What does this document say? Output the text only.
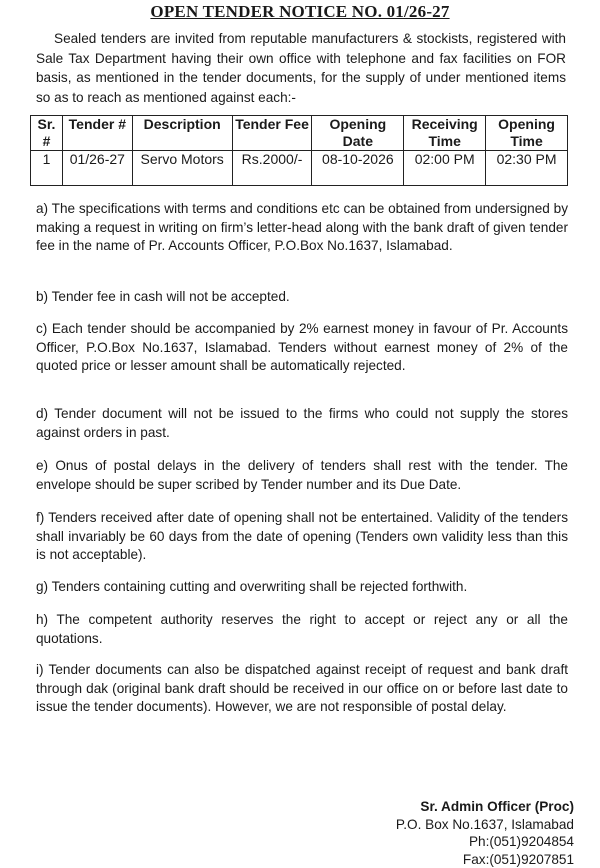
OPEN TENDER NOTICE NO. 01/26-27
Sealed tenders are invited from reputable manufacturers & stockists, registered with Sale Tax Department having their own office with telephone and fax facilities on FOR basis, as mentioned in the tender documents, for the supply of under mentioned items so as to reach as mentioned against each:-
Sr. #	Tender #	Description	Tender Fee	Opening Date	Receiving Time	Opening Time
1	01/26-27	Servo Motors	Rs.2000/-	08-10-2026	02:00 PM	02:30 PM
a) The specifications with terms and conditions etc can be obtained from undersigned by making a request in writing on firm’s letter-head along with the bank draft of given tender fee in the name of Pr. Accounts Officer, P.O.Box No.1637, Islamabad.
b) Tender fee in cash will not be accepted.
c) Each tender should be accompanied by 2% earnest money in favour of Pr. Accounts Officer, P.O.Box No.1637, Islamabad. Tenders without earnest money of 2% of the quoted price or lesser amount shall be automatically rejected.
d) Tender document will not be issued to the firms who could not supply the stores against orders in past.
e) Onus of postal delays in the delivery of tenders shall rest with the tender. The envelope should be super scribed by Tender number and its Due Date.
f) Tenders received after date of opening shall not be entertained. Validity of the tenders shall invariably be 60 days from the date of opening (Tenders own validity less than this is not acceptable).
g) Tenders containing cutting and overwriting shall be rejected forthwith.
h) The competent authority reserves the right to accept or reject any or all the quotations.
i) Tender documents can also be dispatched against receipt of request and bank draft through dak (original bank draft should be received in our office on or before last date to issue the tender documents). However, we are not responsible of postal delay.
Sr. Admin Officer (Proc)
P.O. Box No.1637, Islamabad
Ph:(051)9204854
Fax:(051)9207851
